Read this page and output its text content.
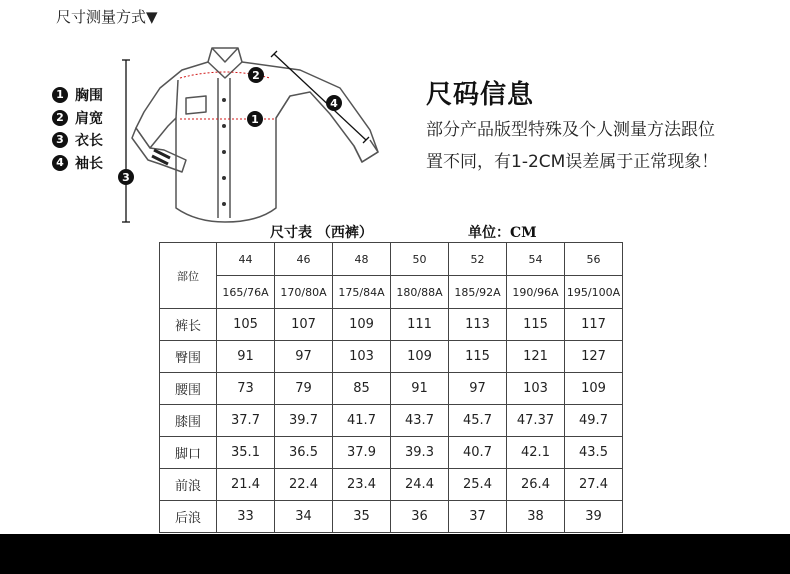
尺寸测量方式▼
1
2
3
4
1 胸围
2 肩宽
3 衣长
4 袖长
尺码信息
部分产品版型特殊及个人测量方法跟位
置不同，有1-2CM误差属于正常现象！
尺寸表 （西裤）	单位：CM
部位	44	46	48	50	52	54	56
	165/76A	170/80A	175/84A	180/88A	185/92A	190/96A	195/100A
裤长	105	107	109	111	113	115	117
臀围	91	97	103	109	115	121	127
腰围	73	79	85	91	97	103	109
膝围	37.7	39.7	41.7	43.7	45.7	47.37	49.7
脚口	35.1	36.5	37.9	39.3	40.7	42.1	43.5
前浪	21.4	22.4	23.4	24.4	25.4	26.4	27.4
后浪	33	34	35	36	37	38	39
